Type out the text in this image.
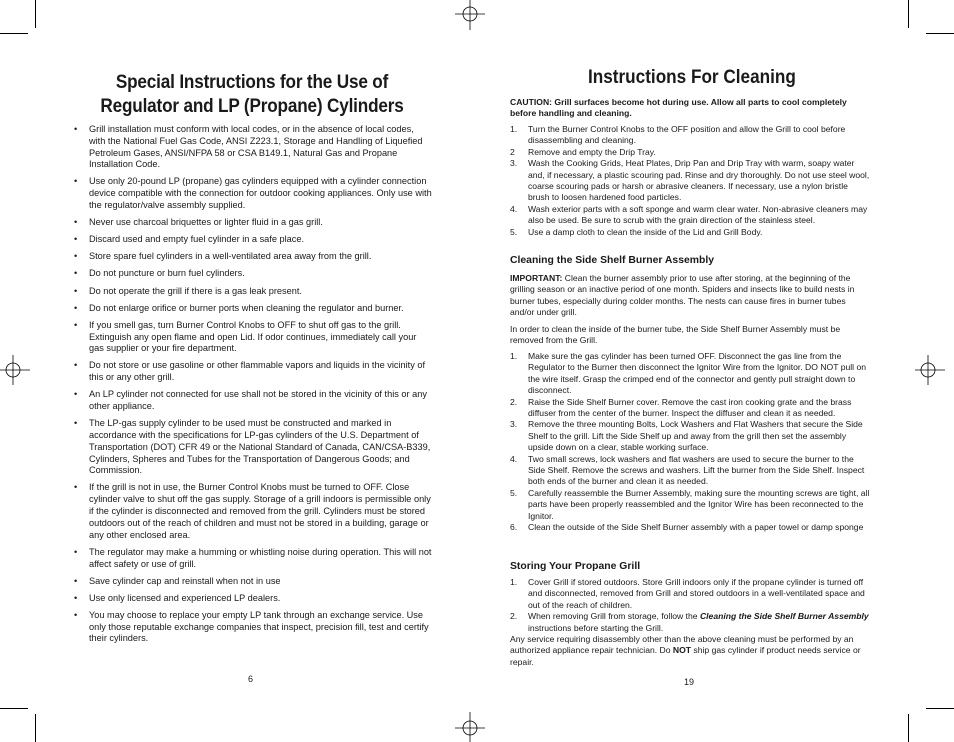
Special Instructions for the Use of Regulator and LP (Propane) Cylinders
• Grill installation must conform with local codes, or in the absence of local codes, with the National Fuel Gas Code, ANSI Z223.1, Storage and Handling of Liquefied Petroleum Gases, ANSI/NFPA 58 or CSA B149.1, Natural Gas and Propane Installation Code.
• Use only 20-pound LP (propane) gas cylinders equipped with a cylinder connection device compatible with the connection for outdoor cooking appliances. Only use with the regulator/valve assembly supplied.
• Never use charcoal briquettes or lighter fluid in a gas grill.
• Discard used and empty fuel cylinder in a safe place.
• Store spare fuel cylinders in a well-ventilated area away from the grill.
• Do not puncture or burn fuel cylinders.
• Do not operate the grill if there is a gas leak present.
• Do not enlarge orifice or burner ports when cleaning the regulator and burner.
• If you smell gas, turn Burner Control Knobs to OFF to shut off gas to the grill. Extinguish any open flame and open Lid. If odor continues, immediately call your gas supplier or your fire department.
• Do not store or use gasoline or other flammable vapors and liquids in the vicinity of this or any other grill.
• An LP cylinder not connected for use shall not be stored in the vicinity of this or any other appliance.
• The LP-gas supply cylinder to be used must be constructed and marked in accordance with the specifications for LP-gas cylinders of the U.S. Department of Transportation (DOT) CFR 49 or the National Standard of Canada, CAN/CSA-B339, Cylinders, Spheres and Tubes for the Transportation of Dangerous Goods; and Commission.
• If the grill is not in use, the Burner Control Knobs must be turned to OFF. Close cylinder valve to shut off the gas supply. Storage of a grill indoors is permissible only if the cylinder is disconnected and removed from the grill. Cylinders must be stored outdoors out of the reach of children and must not be stored in a building, garage or any other enclosed area.
• The regulator may make a humming or whistling noise during operation. This will not affect safety or use of grill.
• Save cylinder cap and reinstall when not in use
• Use only licensed and experienced LP dealers.
• You may choose to replace your empty LP tank through an exchange service. Use only those reputable exchange companies that inspect, precision fill, test and certify their cylinders.
6
Instructions For Cleaning

CAUTION: Grill surfaces become hot during use. Allow all parts to cool completely before handling and cleaning.

1. Turn the Burner Control Knobs to the OFF position and allow the Grill to cool before disassembling and cleaning.
2 Remove and empty the Drip Tray.
3. Wash the Cooking Grids, Heat Plates, Drip Pan and Drip Tray with warm, soapy water and, if necessary, a plastic scouring pad. Rinse and dry thoroughly. Do not use steel wool, coarse scouring pads or harsh or abrasive cleaners. If necessary, use a nylon bristle brush to loosen hardened food particles.
4. Wash exterior parts with a soft sponge and warm clear water. Non-abrasive cleaners may also be used. Be sure to scrub with the grain direction of the stainless steel.
5. Use a damp cloth to clean the inside of the Lid and Grill Body.

Cleaning the Side Shelf Burner Assembly

IMPORTANT: Clean the burner assembly prior to use after storing, at the beginning of the grilling season or an inactive period of one month. Spiders and insects like to build nests in burner tubes, especially during colder months. The nests can cause fires in burner tubes and/or under grill.

In order to clean the inside of the burner tube, the Side Shelf Burner Assembly must be removed from the Grill.

1. Make sure the gas cylinder has been turned OFF. Disconnect the gas line from the Regulator to the Burner then disconnect the Ignitor Wire from the Ignitor. DO NOT pull on the wire itself. Grasp the crimped end of the connector and gently pull straight down to disconnect.
2. Raise the Side Shelf Burner cover. Remove the cast iron cooking grate and the brass diffuser from the center of the burner. Inspect the diffuser and clean it as needed.
3. Remove the three mounting Bolts, Lock Washers and Flat Washers that secure the Side Shelf to the grill. Lift the Side Shelf up and away from the grill then set the assembly upside down on a clear, stable working surface.
4. Two small screws, lock washers and flat washers are used to secure the burner to the Side Shelf. Remove the screws and washers. Lift the burner from the Side Shelf. Inspect both ends of the burner and clean it as needed.
5. Carefully reassemble the Burner Assembly, making sure the mounting screws are tight, all parts have been properly reassembled and the Ignitor Wire has been reconnected to the Ignitor.
6. Clean the outside of the Side Shelf Burner assembly with a paper towel or damp sponge

Storing Your Propane Grill

1. Cover Grill if stored outdoors. Store Grill indoors only if the propane cylinder is turned off and disconnected, removed from Grill and stored outdoors in a well-ventilated space and out of the reach of children.
2. When removing Grill from storage, follow the Cleaning the Side Shelf Burner Assembly instructions before starting the Grill.

Any service requiring disassembly other than the above cleaning must be performed by an authorized appliance repair technician. Do NOT ship gas cylinder if product needs service or repair.

19
